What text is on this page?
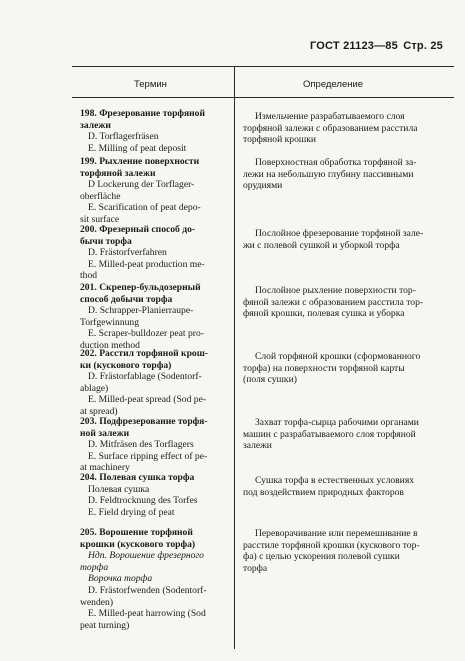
ГОСТ 21123—85 Стр. 25
Термин	Определение
198. Фрезерование торфяной
залежи
D. Torflagerfräsen
E. Milling of peat deposit
Измельчение разрабатываемого слоя
торфяной залежи с образованием расстила
торфяной крошки
199. Рыхление поверхности
торфяной залежи
D Lockerung der Torflager-
oberfläche
E. Scarification of peat depo-
sit surface
Поверхностная обработка торфяной за-
лежи на небольшую глубину пассивными
орудиями
200. Фрезерный способ до-
бычи торфа
D. Frästorfverfahren
E. Milled-peat production me-
thod
Послойное фрезерование торфяной зале-
жи с полевой сушкой и уборкой торфа
201. Скрепер-бульдозерный
способ добычи торфа
D. Schrapper-Planierraupe-
Torfgewinnung
E. Scraper-bulldozer peat pro-
duction method
Послойное рыхление поверхности тор-
фяной залежи с образованием расстила тор-
фяной крошки, полевая сушка и уборка
202. Расстил торфяной крош-
ки (кускового торфа)
D. Frästorfablage (Sodentorf-
ablage)
E. Milled-peat spread (Sod pe-
at spread)
Слой торфяной крошки (сформованного
торфа) на поверхности торфяной карты
(поля сушки)
203. Подфрезерование торфя-
ной залежи
D. Mitfräsen des Torflagers
E. Surface ripping effect of pe-
at machinery
Захват торфа-сырца рабочими органами
машин с разрабатываемого слоя торфяной
залежи
204. Полевая сушка торфа
Полевая сушка
D. Feldtrocknung des Torfes
E. Field drying of peat
Сушка торфа в естественных условиях
под воздействием природных факторов
205. Ворошение торфяной
крошки (кускового торфа)
Ндп. Ворошение фрезерного
торфа
Ворочка торфа
D. Frästorfwenden (Sodentorf-
wenden)
E. Milled-peat harrowing (Sod
peat turning)
Переворачивание или перемешивание в
расстиле торфяной крошки (кускового тор-
фа) с целью ускорения полевой сушки
торфа
